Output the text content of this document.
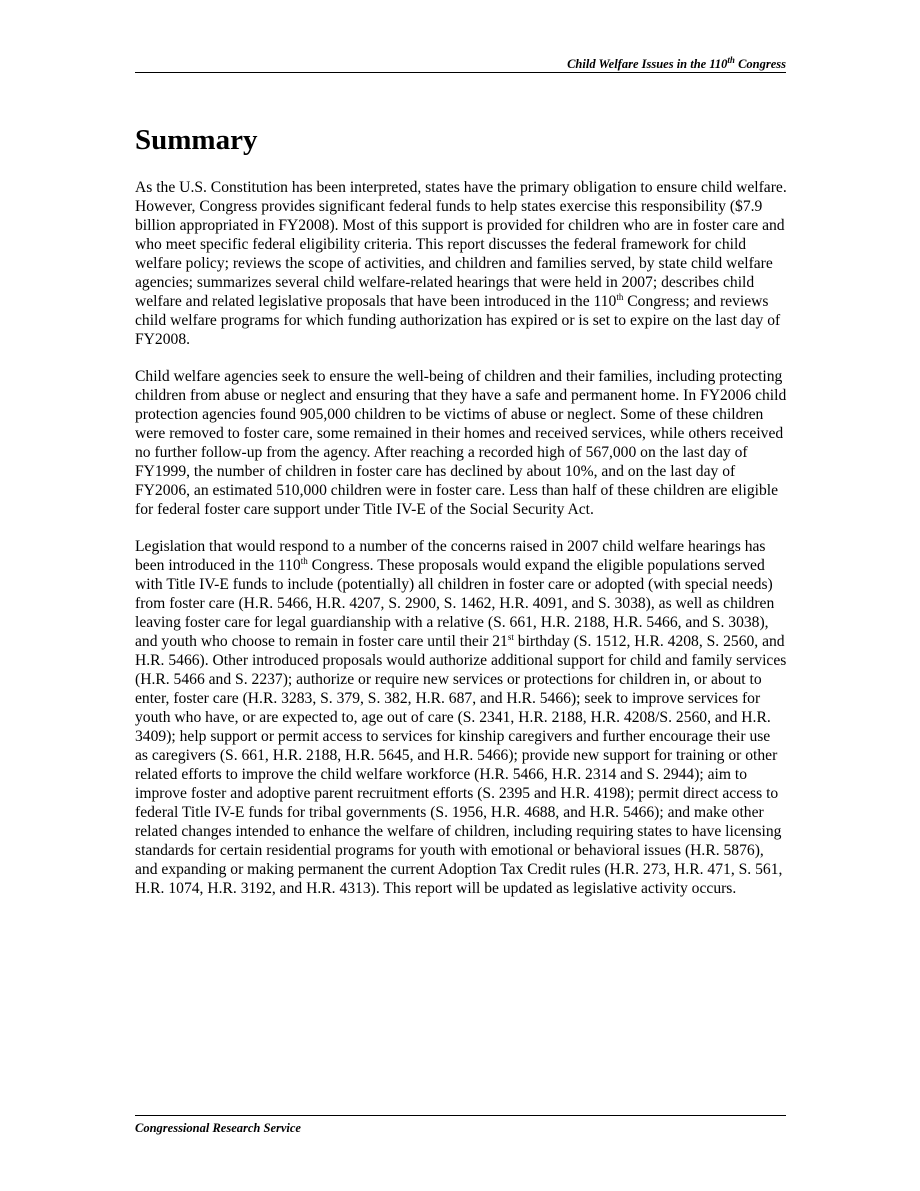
Child Welfare Issues in the 110th Congress
Summary

As the U.S. Constitution has been interpreted, states have the primary obligation to ensure child welfare. However, Congress provides significant federal funds to help states exercise this responsibility ($7.9 billion appropriated in FY2008). Most of this support is provided for children who are in foster care and who meet specific federal eligibility criteria. This report discusses the federal framework for child welfare policy; reviews the scope of activities, and children and families served, by state child welfare agencies; summarizes several child welfare-related hearings that were held in 2007; describes child welfare and related legislative proposals that have been introduced in the 110th Congress; and reviews child welfare programs for which funding authorization has expired or is set to expire on the last day of FY2008.

Child welfare agencies seek to ensure the well-being of children and their families, including protecting children from abuse or neglect and ensuring that they have a safe and permanent home. In FY2006 child protection agencies found 905,000 children to be victims of abuse or neglect. Some of these children were removed to foster care, some remained in their homes and received services, while others received no further follow-up from the agency. After reaching a recorded high of 567,000 on the last day of FY1999, the number of children in foster care has declined by about 10%, and on the last day of FY2006, an estimated 510,000 children were in foster care. Less than half of these children are eligible for federal foster care support under Title IV-E of the Social Security Act.

Legislation that would respond to a number of the concerns raised in 2007 child welfare hearings has been introduced in the 110th Congress. These proposals would expand the eligible populations served with Title IV-E funds to include (potentially) all children in foster care or adopted (with special needs) from foster care (H.R. 5466, H.R. 4207, S. 2900, S. 1462, H.R. 4091, and S. 3038), as well as children leaving foster care for legal guardianship with a relative (S. 661, H.R. 2188, H.R. 5466, and S. 3038), and youth who choose to remain in foster care until their 21st birthday (S. 1512, H.R. 4208, S. 2560, and H.R. 5466). Other introduced proposals would authorize additional support for child and family services (H.R. 5466 and S. 2237); authorize or require new services or protections for children in, or about to enter, foster care (H.R. 3283, S. 379, S. 382, H.R. 687, and H.R. 5466); seek to improve services for youth who have, or are expected to, age out of care (S. 2341, H.R. 2188, H.R. 4208/S. 2560, and H.R. 3409); help support or permit access to services for kinship caregivers and further encourage their use as caregivers (S. 661, H.R. 2188, H.R. 5645, and H.R. 5466); provide new support for training or other related efforts to improve the child welfare workforce (H.R. 5466, H.R. 2314 and S. 2944); aim to improve foster and adoptive parent recruitment efforts (S. 2395 and H.R. 4198); permit direct access to federal Title IV-E funds for tribal governments (S. 1956, H.R. 4688, and H.R. 5466); and make other related changes intended to enhance the welfare of children, including requiring states to have licensing standards for certain residential programs for youth with emotional or behavioral issues (H.R. 5876), and expanding or making permanent the current Adoption Tax Credit rules (H.R. 273, H.R. 471, S. 561, H.R. 1074, H.R. 3192, and H.R. 4313). This report will be updated as legislative activity occurs.

Congressional Research Service
